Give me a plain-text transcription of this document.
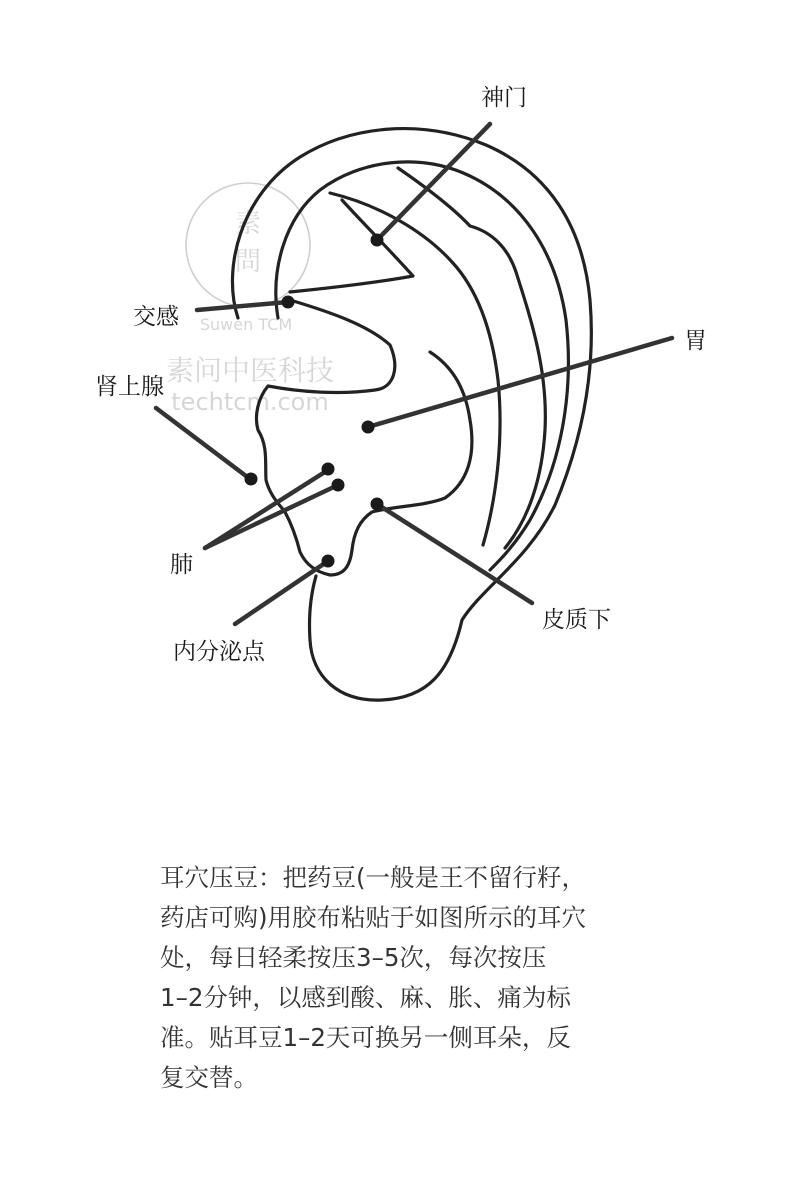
素
問
Suwen TCM
素问中医科技
techtcm.com
神门
交感
肾上腺
胃
肺
内分泌点
皮质下

耳穴压豆：把药豆(一般是王不留行籽，
药店可购)用胶布粘贴于如图所示的耳穴
处，每日轻柔按压3–5次，每次按压
1–2分钟，以感到酸、麻、胀、痛为标
准。贴耳豆1–2天可换另一侧耳朵，反
复交替。
